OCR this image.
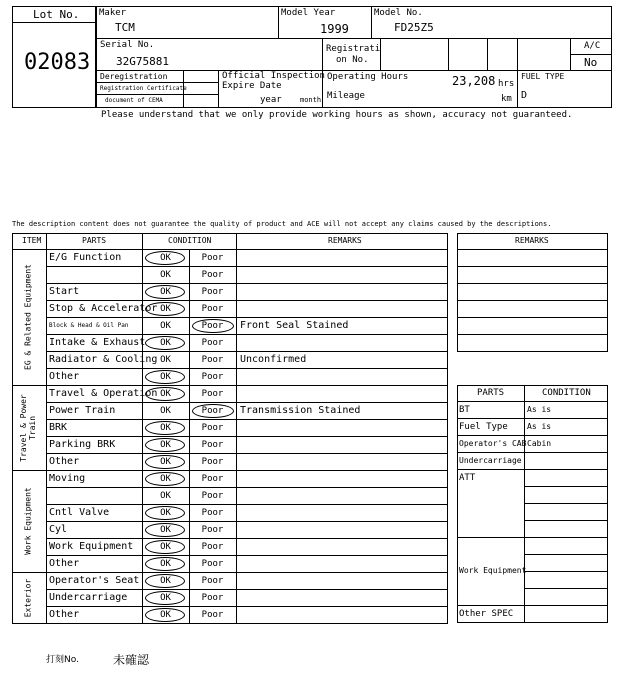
Lot No.
02083
Maker
TCM
Model Year
1999
Model No.
FD25Z5
Serial No.
32G75881
Registrati
on No.
A/C
No
Deregistration
Registration Certificate
document of CEMA
Official Inspection
Expire Date
year	month
Operating Hours	23,208 hrs
Mileage	km
FUEL TYPE
D
Please understand that we only provide working hours as shown, accuracy not guaranteed.
The description content does not guarantee the quality of product and ACE will not accept any claims caused by the descriptions.
ITEM	PARTS	CONDITION	REMARKS
EG & Related Equipment
E/G Function	OK	Poor
OK	Poor
Start	OK	Poor
Stop & Accelerator OK	Poor
Block & Head & Oil Pan	OK	Poor	Front Seal Stained
Intake & Exhaust	OK	Poor
Radiator & Cooling OK	Poor	Unconfirmed
Other	OK	Poor
Travel & Power Train
Travel & Operation OK	Poor
Power Train	OK	Poor	Transmission Stained
BRK	OK	Poor
Parking BRK	OK	Poor
Other	OK	Poor
Work Equipment
Moving	OK	Poor
OK	Poor
Cntl Valve	OK	Poor
Cyl	OK	Poor
Work Equipment	OK	Poor
Other	OK	Poor
Exterior Operator's Seat	OK	Poor
Undercarriage	OK	Poor
Other	OK	Poor
REMARKS
PARTS	CONDITION
BT	As is
Fuel Type As is
Operator's CAB Cabin
Undercarriage
ATT
Work Equipment
Other SPEC
打刻No.	未確認
